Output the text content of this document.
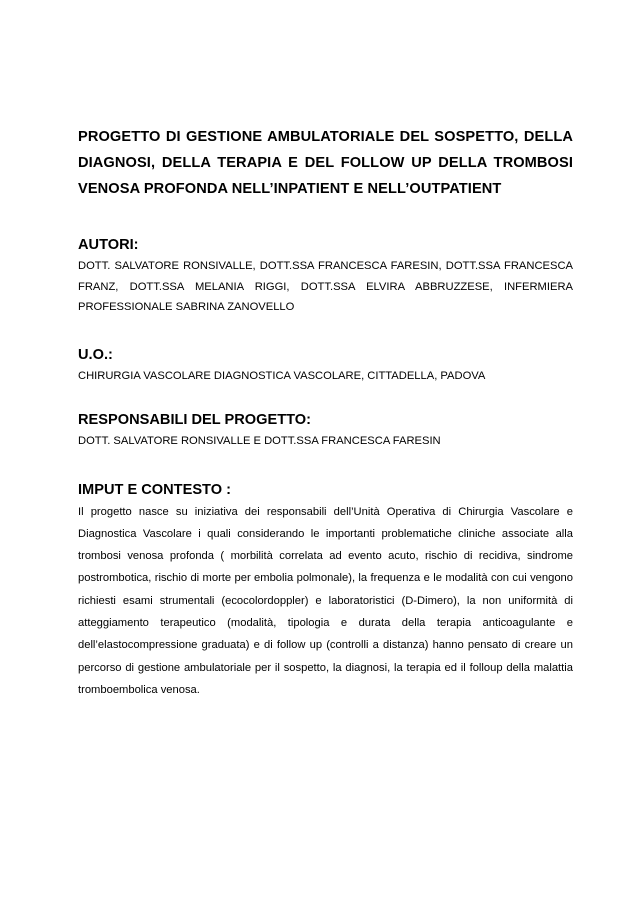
PROGETTO DI GESTIONE AMBULATORIALE DEL SOSPETTO, DELLA DIAGNOSI, DELLA TERAPIA E DEL FOLLOW UP DELLA TROMBOSI VENOSA PROFONDA NELL’INPATIENT E NELL’OUTPATIENT

AUTORI:

DOTT. SALVATORE RONSIVALLE, DOTT.SSA FRANCESCA FARESIN, DOTT.SSA FRANCESCA FRANZ, DOTT.SSA MELANIA RIGGI, DOTT.SSA ELVIRA ABBRUZZESE, INFERMIERA PROFESSIONALE SABRINA ZANOVELLO

U.O.:

CHIRURGIA VASCOLARE DIAGNOSTICA VASCOLARE, CITTADELLA, PADOVA

RESPONSABILI DEL PROGETTO:

DOTT. SALVATORE RONSIVALLE E DOTT.SSA FRANCESCA FARESIN

IMPUT E CONTESTO :

Il progetto nasce su iniziativa dei responsabili dell’Unità Operativa di Chirurgia Vascolare e Diagnostica Vascolare i quali considerando le importanti problematiche cliniche associate alla trombosi venosa profonda ( morbilità correlata ad evento acuto, rischio di recidiva, sindrome postrombotica, rischio di morte per embolia polmonale), la frequenza e le modalità con cui vengono richiesti esami strumentali (ecocolordoppler) e laboratoristici (D-Dimero), la non uniformità di atteggiamento terapeutico (modalità, tipologia e durata della terapia anticoagulante e dell’elastocompressione graduata) e di follow up (controlli a distanza) hanno pensato di creare un percorso di gestione ambulatoriale per il sospetto, la diagnosi, la terapia ed il folloup della malattia tromboembolica venosa.
